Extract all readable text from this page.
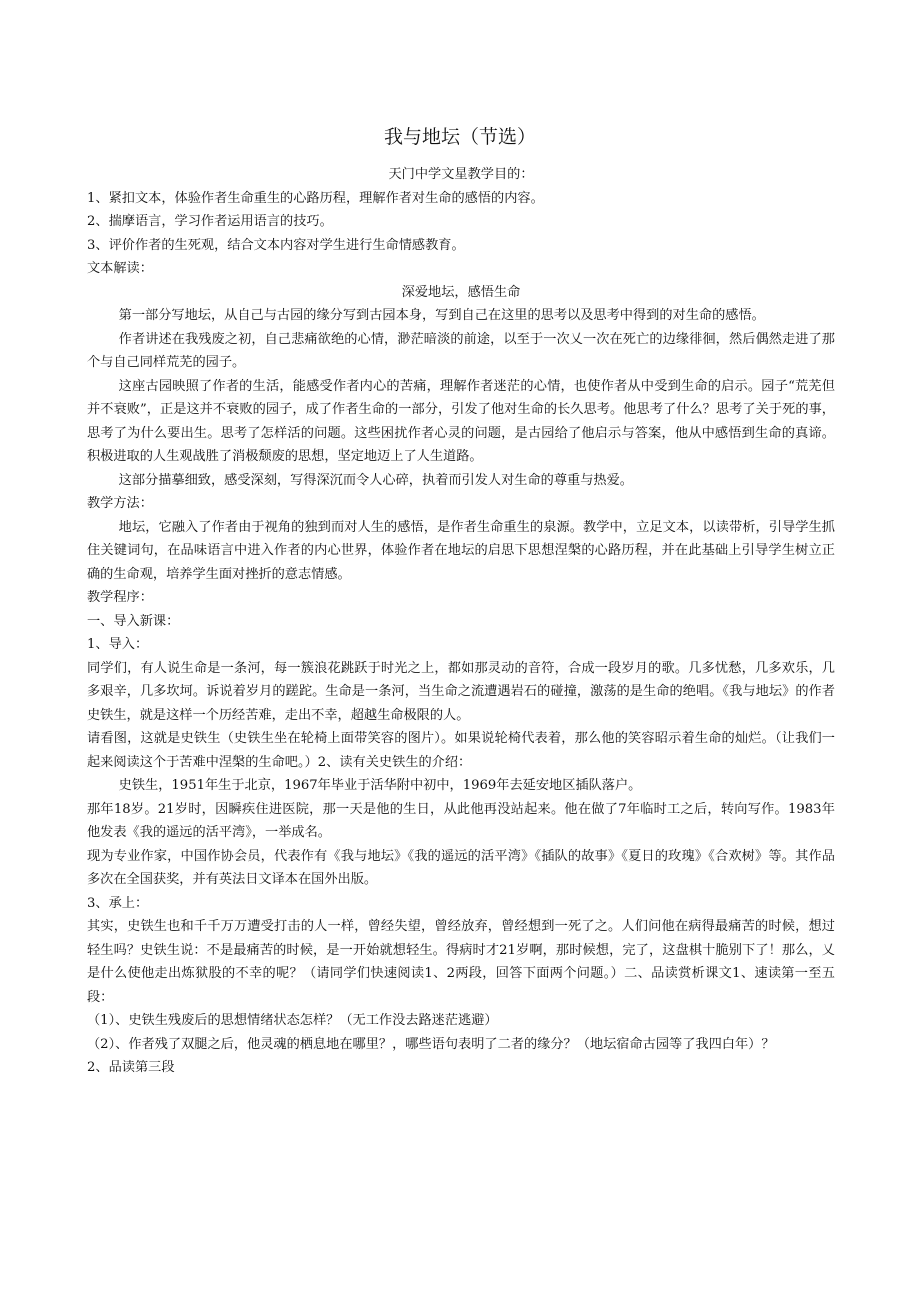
我与地坛（节选）

天门中学文星教学目的：

1、紧扣文本，体验作者生命重生的心路历程，理解作者对生命的感悟的内容。

2、揣摩语言，学习作者运用语言的技巧。

3、评价作者的生死观，结合文本内容对学生进行生命情感教育。

文本解读：

深爱地坛，感悟生命

第一部分写地坛，从自己与古园的缘分写到古园本身，写到自己在这里的思考以及思考中得到的对生命的感悟。

作者讲述在我残废之初，自己悲痛欲绝的心情，渺茫暗淡的前途，以至于一次乂一次在死亡的边缘徘徊，然后偶然走进了那个与自己同样荒芜的园子。

这座古园映照了作者的生活，能感受作者内心的苦痛，理解作者迷茫的心情，也使作者从中受到生命的启示。园子“荒芜但并不衰败”，正是这并不衰败的园子，成了作者生命的一部分，引发了他对生命的长久思考。他思考了什么？思考了关于死的事，思考了为什么要出生。思考了怎样活的问题。这些困扰作者心灵的问题，是古园给了他启示与答案，他从中感悟到生命的真谛。积极进取的人生观战胜了消极颓废的思想，坚定地迈上了人生道路。

这部分描摹细致，感受深刻，写得深沉而令人心碎，执着而引发人对生命的尊重与热爱。

教学方法：

地坛，它融入了作者由于视角的独到而对人生的感悟，是作者生命重生的泉源。教学中，立足文本，以读带析，引导学生抓住关键词句，在品味语言中进入作者的内心世界，体验作者在地坛的启思下思想涅槃的心路历程，并在此基础上引导学生树立正确的生命观，培养学生面对挫折的意志情感。

教学程序：

一、导入新课：

1、导入：

同学们，有人说生命是一条河，每一簇浪花跳跃于时光之上，都如那灵动的音符，合成一段岁月的歌。几多忧愁，几多欢乐，几多艰辛，几多坎坷。诉说着岁月的蹉跎。生命是一条河，当生命之流遭遇岩石的碰撞，激荡的是生命的绝唱。《我与地坛》的作者史铁生，就是这样一个历经苦难，走出不幸，超越生命极限的人。

请看图，这就是史铁生（史铁生坐在轮椅上面带笑容的图片）。如果说轮椅代表着，那么他的笑容昭示着生命的灿烂。（让我们一起来阅读这个于苦难中涅槃的生命吧。）2、读有关史铁生的介绍：

史铁生，1951年生于北京，1967年毕业于活华附中初中，1969年去延安地区插队落户。

那年18岁。21岁时，因瞬疾住进医院，那一天是他的生日，从此他再没站起来。他在做了7年临时工之后，转向写作。1983年他发表《我的遥远的活平湾》，一举成名。

现为专业作家，中国作协会员，代表作有《我与地坛》《我的遥远的活平湾》《插队的故事》《夏日的玫瑰》《合欢树》等。其作品多次在全国获奖，并有英法日文译本在国外出版。

3、承上：

其实，史铁生也和千千万万遭受打击的人一样，曾经失望，曾经放弃，曾经想到一死了之。人们问他在病得最痛苦的时候，想过轻生吗？史铁生说：不是最痛苦的时候，是一开始就想轻生。得病时才21岁啊，那时候想，完了，这盘棋十脆别下了！那么，乂是什么使他走出炼狱股的不幸的呢？（请同学们快速阅读1、2两段，回答下面两个问题。）二、品读赏析课文1、速读第一至五段：

（1）、史铁生残废后的思想情绪状态怎样？（无工作没去路迷茫逃避）

（2）、作者残了双腿之后，他灵魂的栖息地在哪里？，哪些语句表明了二者的缘分？（地坛宿命古园等了我四白年）？

2、品读第三段
